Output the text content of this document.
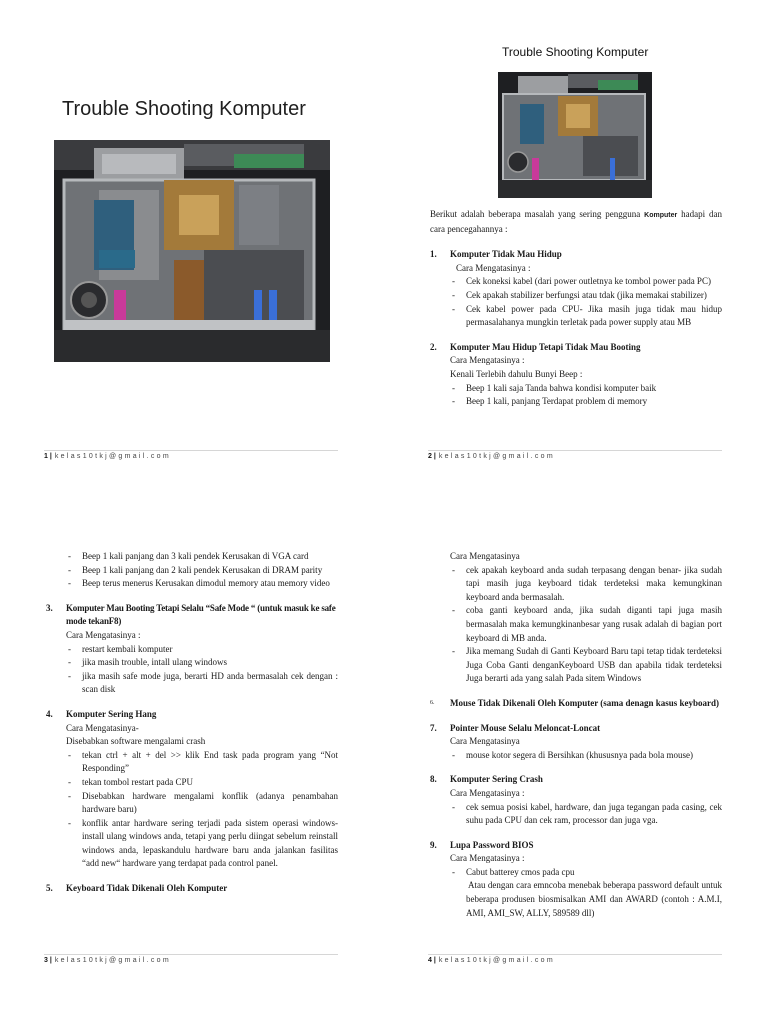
Trouble Shooting Komputer
1 | kelas10tkj@gmail.com
Trouble Shooting Komputer

Berikut adalah beberapa masalah yang sering pengguna Komputer hadapi dan cara pencegahannya :

1.	Komputer Tidak Mau Hidup
Cara Mengatasinya :
- Cek koneksi kabel (dari power outletnya ke tombol power pada PC)
- Cek apakah stabilizer berfungsi atau tdak (jika memakai stabilizer)
- Cek kabel power pada CPU- Jika masih juga tidak mau hidup permasalahanya mungkin terletak pada power supply atau MB
2.	Komputer Mau Hidup Tetapi Tidak Mau Booting
Cara Mengatasinya :
Kenali Terlebih dahulu Bunyi Beep :
- Beep 1 kali saja Tanda bahwa kondisi komputer baik
- Beep 1 kali, panjang Terdapat problem di memory
2 | kelas10tkj@gmail.com
- Beep 1 kali panjang dan 3 kali pendek Kerusakan di VGA card
- Beep 1 kali panjang dan 2 kali pendek Kerusakan di DRAM parity
- Beep terus menerus Kerusakan dimodul memory atau memory video
3.	Komputer Mau Booting Tetapi Selalu “Safe Mode “ (untuk masuk ke safe mode tekanF8)
Cara Mengatasinya :
- restart kembali komputer
- jika masih trouble, intall ulang windows
- jika masih safe mode juga, berarti HD anda bermasalah cek dengan : scan disk
4.	Komputer Sering Hang
Cara Mengatasinya-
Disebabkan software mengalami crash
- tekan ctrl + alt + del >> klik End task pada program yang “Not Responding”
- tekan tombol restart pada CPU
- Disebabkan hardware mengalami konflik (adanya penambahan hardware baru)
- konflik antar hardware sering terjadi pada sistem operasi windows- install ulang windows anda, tetapi yang perlu diingat sebelum reinstall windows anda, lepaskandulu hardware baru anda jalankan fasilitas “add new“ hardware yang terdapat pada control panel.
5.	Keyboard Tidak Dikenali Oleh Komputer
3 | kelas10tkj@gmail.com
Cara Mengatasinya
- cek apakah keyboard anda sudah terpasang dengan benar- jika sudah tapi masih juga keyboard tidak terdeteksi maka kemungkinan keyboard anda bermasalah.
- coba ganti keyboard anda, jika sudah diganti tapi juga masih bermasalah maka kemungkinanbesar yang rusak adalah di bagian port keyboard di MB anda.
- Jika memang Sudah di Ganti Keyboard Baru tapi tetap tidak terdeteksi Juga Coba Ganti denganKeyboard USB dan apabila tidak terdeteksi Juga berarti ada yang salah Pada sitem Windows
6.	Mouse Tidak Dikenali Oleh Komputer (sama denagn kasus keyboard)
7.	Pointer Mouse Selalu Meloncat-Loncat
Cara Mengatasinya
- mouse kotor segera di Bersihkan (khususnya pada bola mouse)
8.	Komputer Sering Crash
Cara Mengatasinya :
- cek semua posisi kabel, hardware, dan juga tegangan pada casing, cek suhu pada CPU dan cek ram, processor dan juga vga.
9.	Lupa Password BIOS
Cara Mengatasinya :
- Cabut batterey cmos pada cpu

Atau dengan cara emncoba menebak beberapa password default untuk beberapa produsen biosmisalkan AMI dan AWARD (contoh : A.M.I, AMI, AMI_SW, ALLY, 589589 dll)

4 | kelas10tkj@gmail.com
